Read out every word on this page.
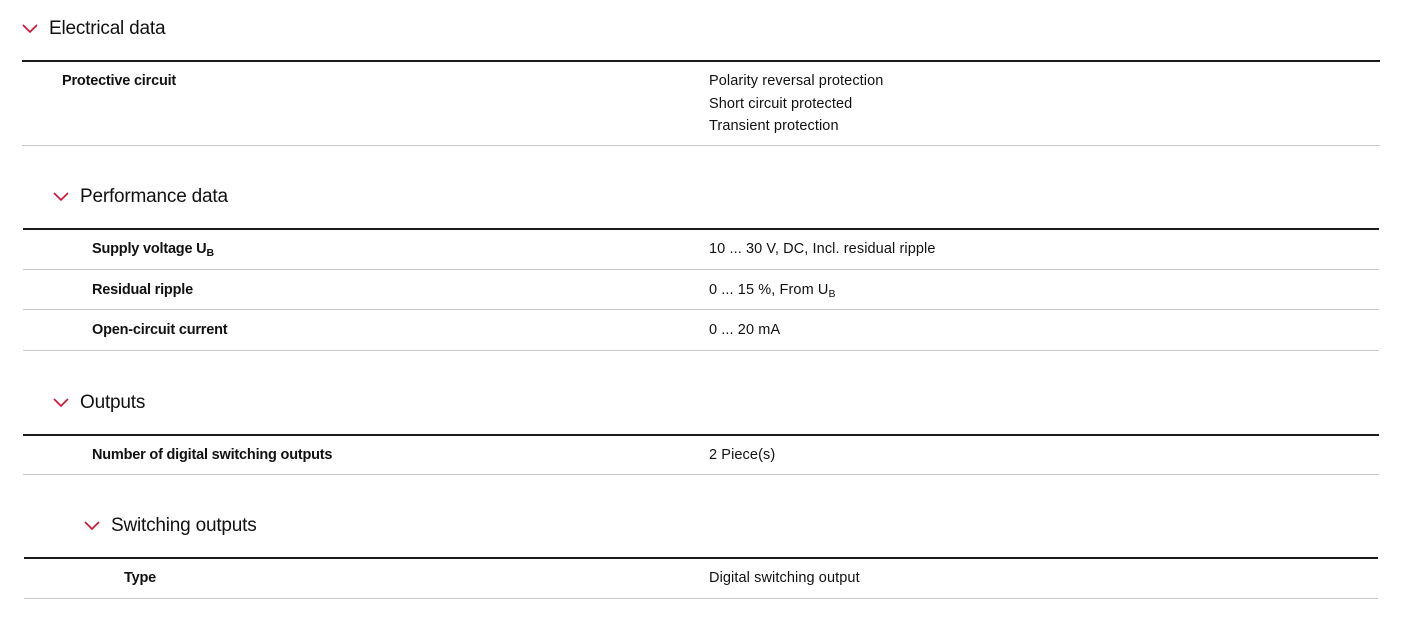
Electrical data
Protective circuit	Polarity reversal protection
Short circuit protected
Transient protection
Performance data
Supply voltage $U_B$	10 ... 30 V, DC, Incl. residual ripple
Residual ripple	0 ... 15 %, From $U_B$
Open-circuit current	0 ... 20 mA
Outputs
Number of digital switching outputs	2 Piece(s)
Switching outputs
Type	Digital switching output
